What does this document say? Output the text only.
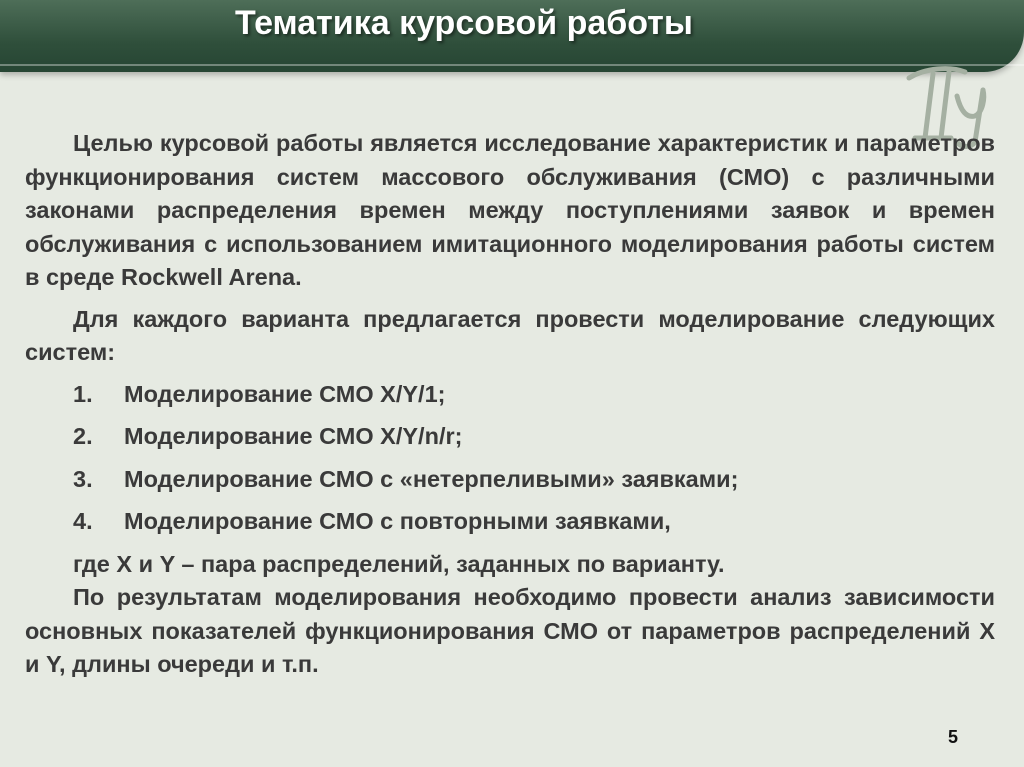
Тематика курсовой работы

Целью курсовой работы является исследование характеристик и параметров функционирования систем массового обслуживания (СМО) с различными законами распределения времен между поступлениями заявок и времен обслуживания с использованием имитационного моделирования работы систем в среде Rockwell Arena.

Для каждого варианта предлагается провести моделирование следующих систем:

1. Моделирование СМО X/Y/1;
2. Моделирование СМО X/Y/n/r;
3. Моделирование СМО с «нетерпеливыми» заявками;
4. Моделирование СМО с повторными заявками,
где X и Y – пара распределений, заданных по варианту.

По результатам моделирования необходимо провести анализ зависимости основных показателей функционирования СМО от параметров распределений X и Y, длины очереди и т.п.

5
